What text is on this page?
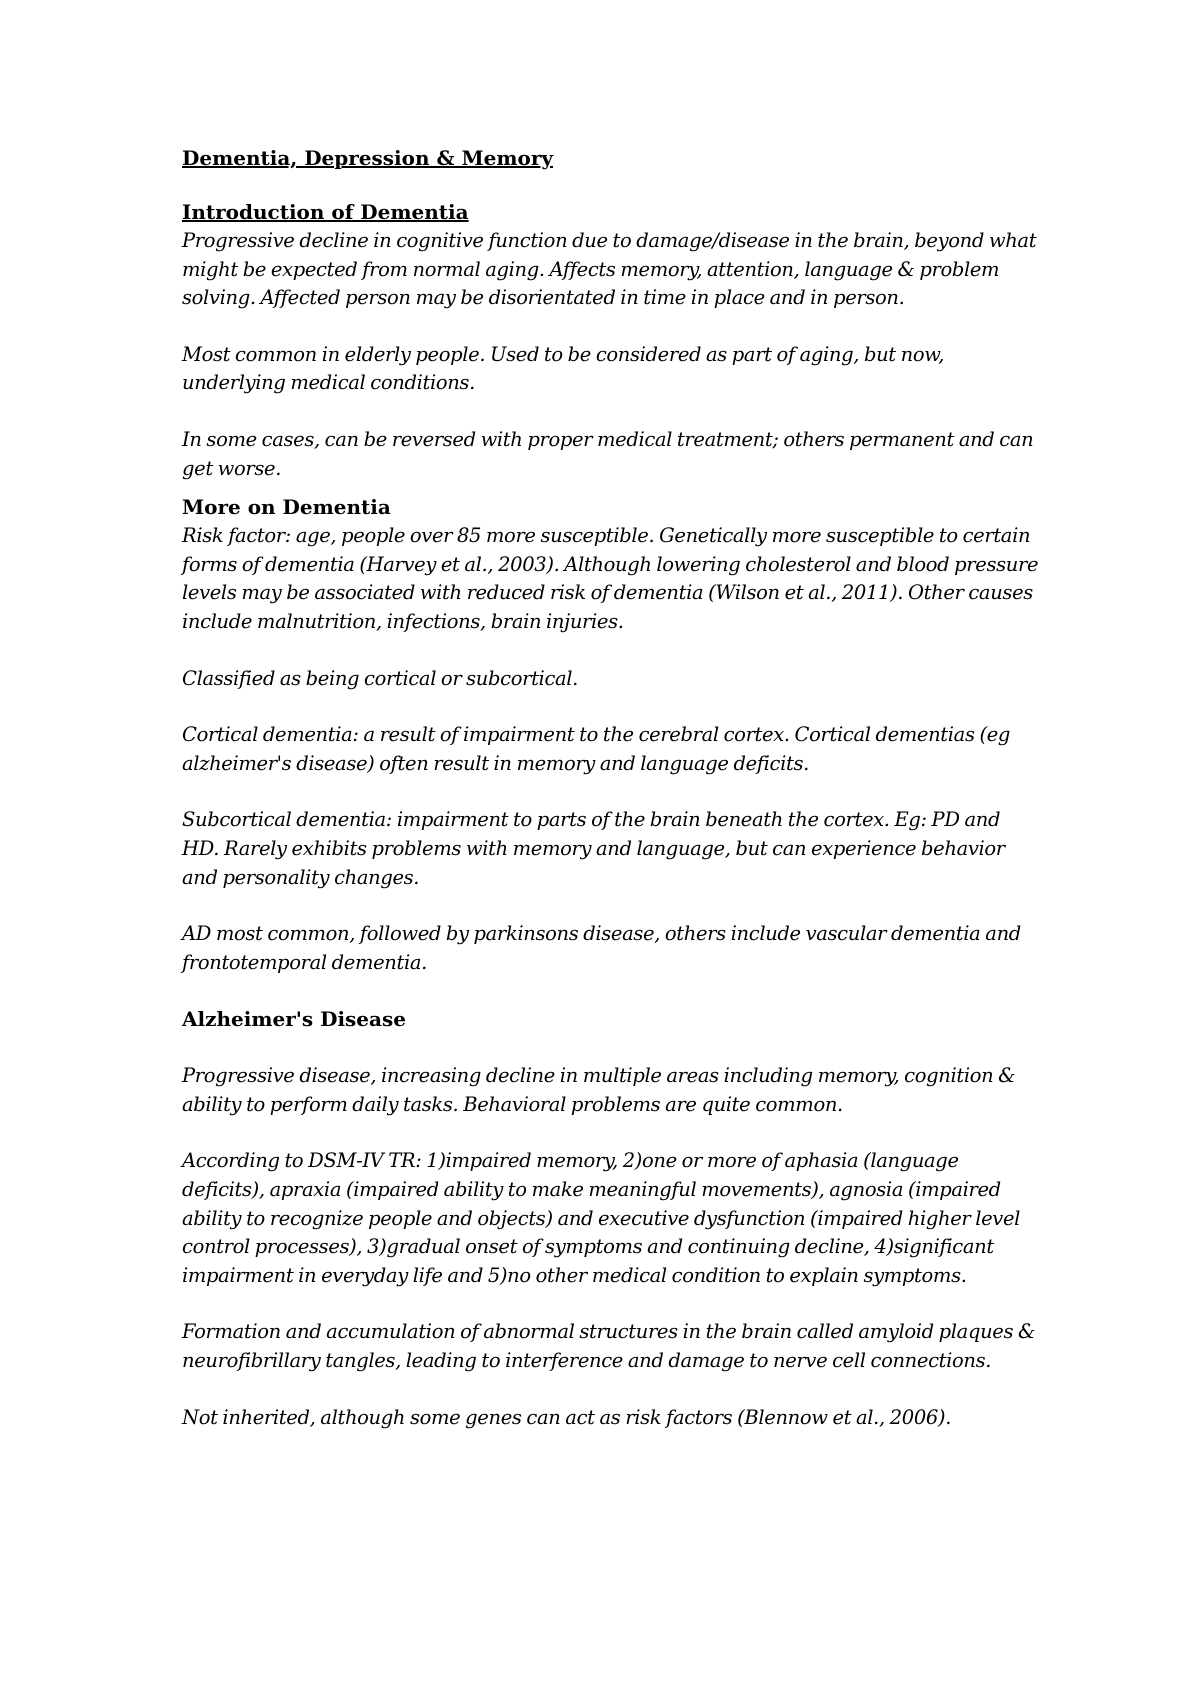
Dementia, Depression & Memory
Introduction of Dementia

Progressive decline in cognitive function due to damage/disease in the brain, beyond what might be expected from normal aging. Affects memory, attention, language & problem solving. Affected person may be disorientated in time in place and in person.

Most common in elderly people. Used to be considered as part of aging, but now, underlying medical conditions.

In some cases, can be reversed with proper medical treatment; others permanent and can get worse.

More on Dementia

Risk factor: age, people over 85 more susceptible. Genetically more susceptible to certain forms of dementia (Harvey et al., 2003). Although lowering cholesterol and blood pressure levels may be associated with reduced risk of dementia (Wilson et al., 2011). Other causes include malnutrition, infections, brain injuries.

Classified as being cortical or subcortical.

Cortical dementia: a result of impairment to the cerebral cortex. Cortical dementias (eg alzheimer's disease) often result in memory and language deficits.

Subcortical dementia: impairment to parts of the brain beneath the cortex. Eg: PD and HD. Rarely exhibits problems with memory and language, but can experience behavior and personality changes.

AD most common, followed by parkinsons disease, others include vascular dementia and frontotemporal dementia.

Alzheimer's Disease

Progressive disease, increasing decline in multiple areas including memory, cognition & ability to perform daily tasks. Behavioral problems are quite common.

According to DSM-IV TR: 1)impaired memory, 2)one or more of aphasia (language deficits), apraxia (impaired ability to make meaningful movements), agnosia (impaired ability to recognize people and objects) and executive dysfunction (impaired higher level control processes), 3)gradual onset of symptoms and continuing decline, 4)significant impairment in everyday life and 5)no other medical condition to explain symptoms.

Formation and accumulation of abnormal structures in the brain called amyloid plaques & neurofibrillary tangles, leading to interference and damage to nerve cell connections.

Not inherited, although some genes can act as risk factors (Blennow et al., 2006).
